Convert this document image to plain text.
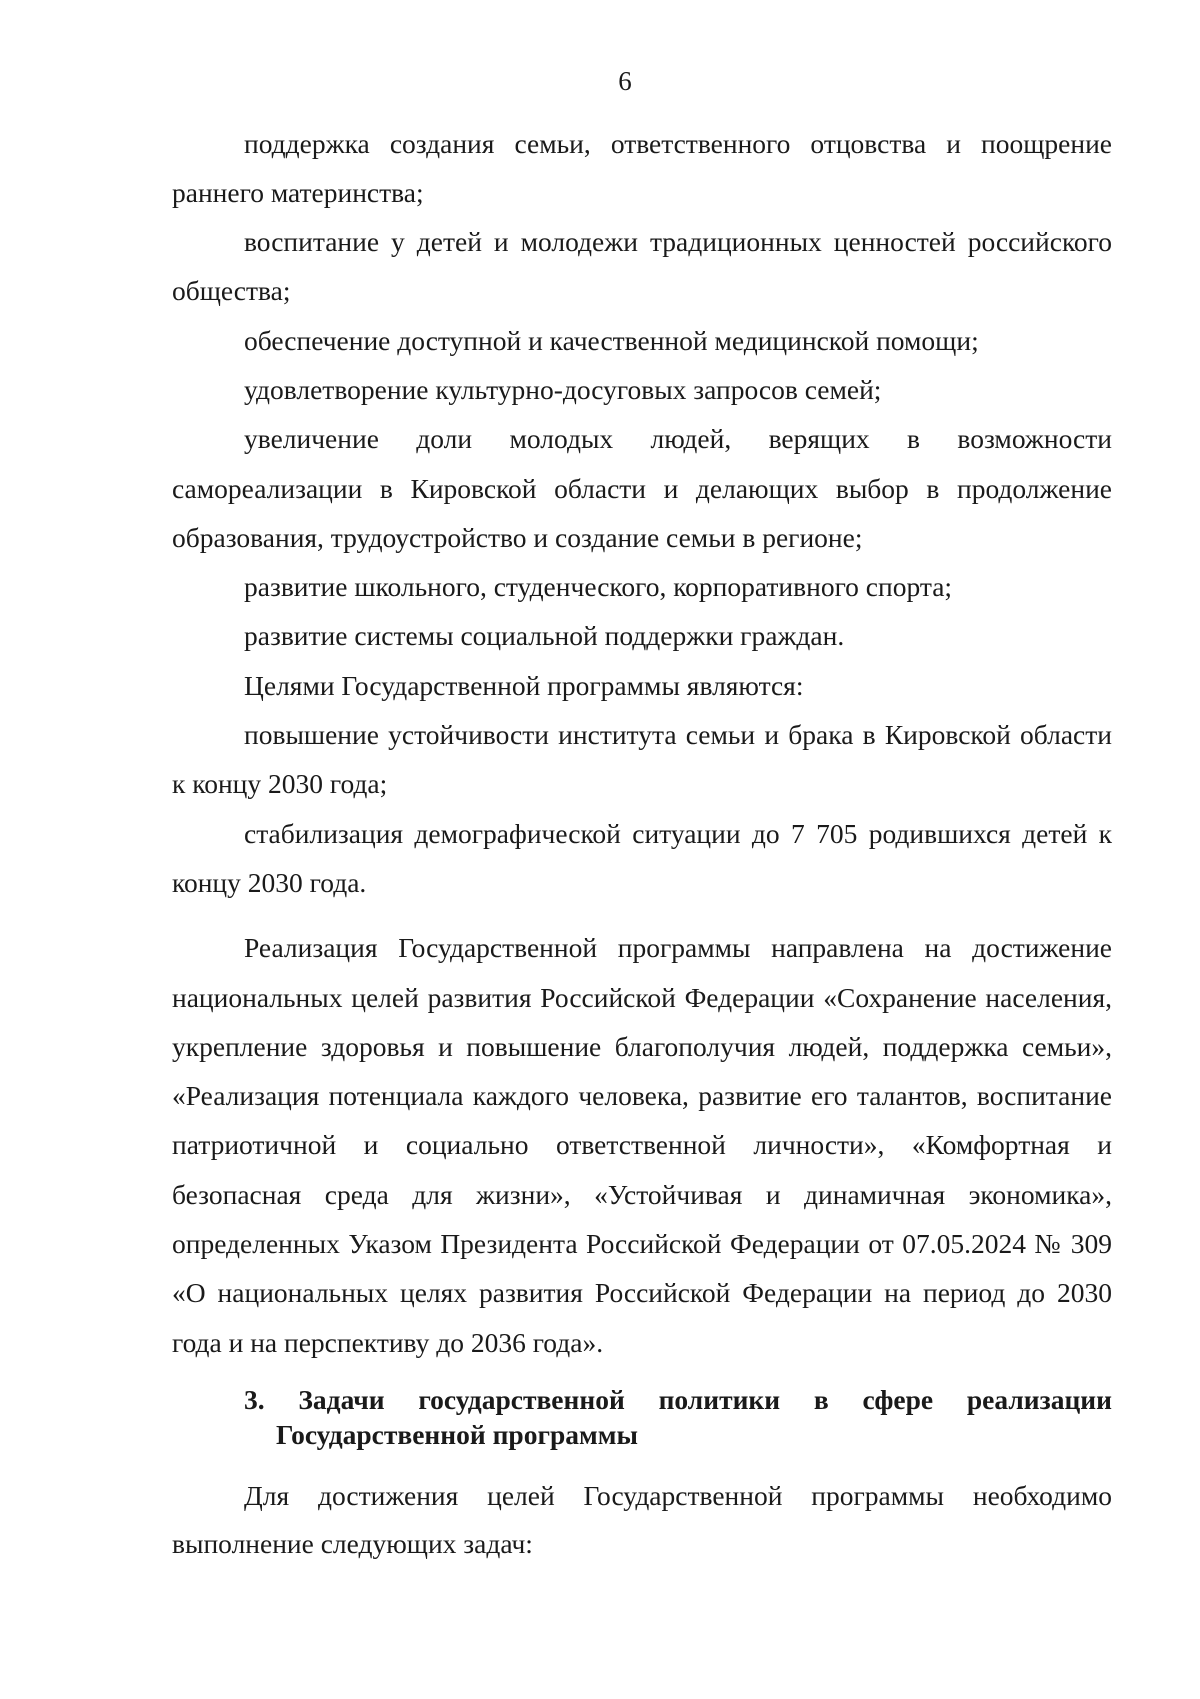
6

поддержка создания семьи, ответственного отцовства и поощрение раннего материнства;

воспитание у детей и молодежи традиционных ценностей российского общества;

обеспечение доступной и качественной медицинской помощи;

удовлетворение культурно-досуговых запросов семей;

увеличение доли молодых людей, верящих в возможности самореализации в Кировской области и делающих выбор в продолжение образования, трудоустройство и создание семьи в регионе;

развитие школьного, студенческого, корпоративного спорта;

развитие системы социальной поддержки граждан.

Целями Государственной программы являются:

повышение устойчивости института семьи и брака в Кировской области к концу 2030 года;

стабилизация демографической ситуации до 7 705 родившихся детей к концу 2030 года.

Реализация Государственной программы направлена на достижение национальных целей развития Российской Федерации «Сохранение населения, укрепление здоровья и повышение благополучия людей, поддержка семьи», «Реализация потенциала каждого человека, развитие его талантов, воспитание патриотичной и социально ответственной личности», «Комфортная и безопасная среда для жизни», «Устойчивая и динамичная экономика», определенных Указом Президента Российской Федерации от 07.05.2024 № 309 «О национальных целях развития Российской Федерации на период до 2030 года и на перспективу до 2036 года».

3. Задачи государственной политики в сфере реализации
Государственной программы

Для достижения целей Государственной программы необходимо выполнение следующих задач:
